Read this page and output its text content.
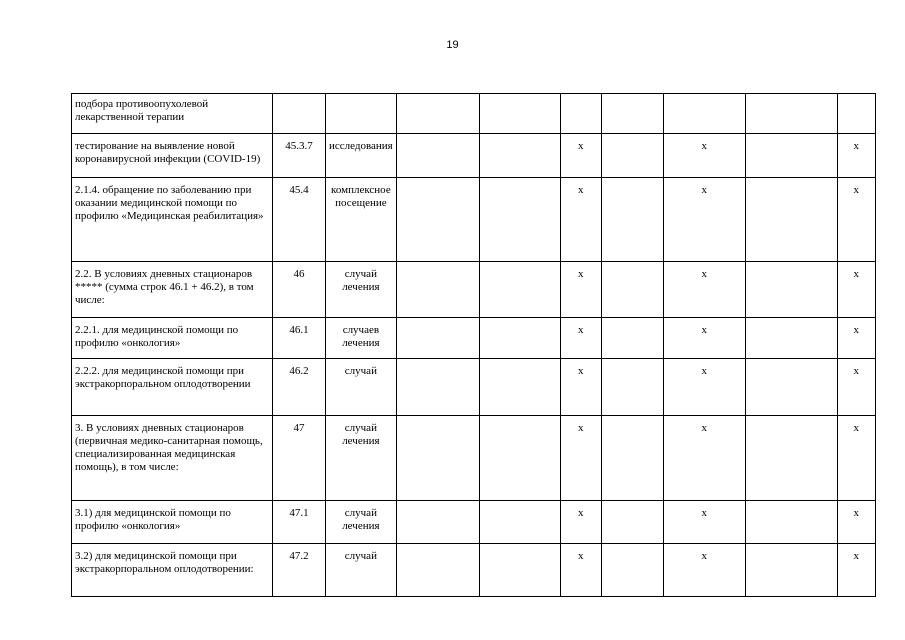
19
подбора противоопухолевой лекарственной терапии									
тестирование на выявление новой коронавирусной инфекции (COVID-19)	45.3.7	исследования			x		x		x
2.1.4. обращение по заболеванию при оказании медицинской помощи по профилю «Медицинская реабилитация»	45.4	комплексное посещение			x		x		x
2.2. В условиях дневных стационаров ***** (сумма строк 46.1 + 46.2), в том числе:	46	случай лечения			x		x		x
2.2.1. для медицинской помощи по профилю «онкология»	46.1	случаев лечения			x		x		x
2.2.2. для медицинской помощи при экстракорпоральном оплодотворении	46.2	случай			x		x		x
3. В условиях дневных стационаров (первичная медико-санитарная помощь, специализированная медицинская помощь), в том числе:	47	случай лечения			x		x		x
3.1) для медицинской помощи по профилю «онкология»	47.1	случай лечения			x		x		x
3.2) для медицинской помощи при экстракорпоральном оплодотворении:	47.2	случай			x		x		x
